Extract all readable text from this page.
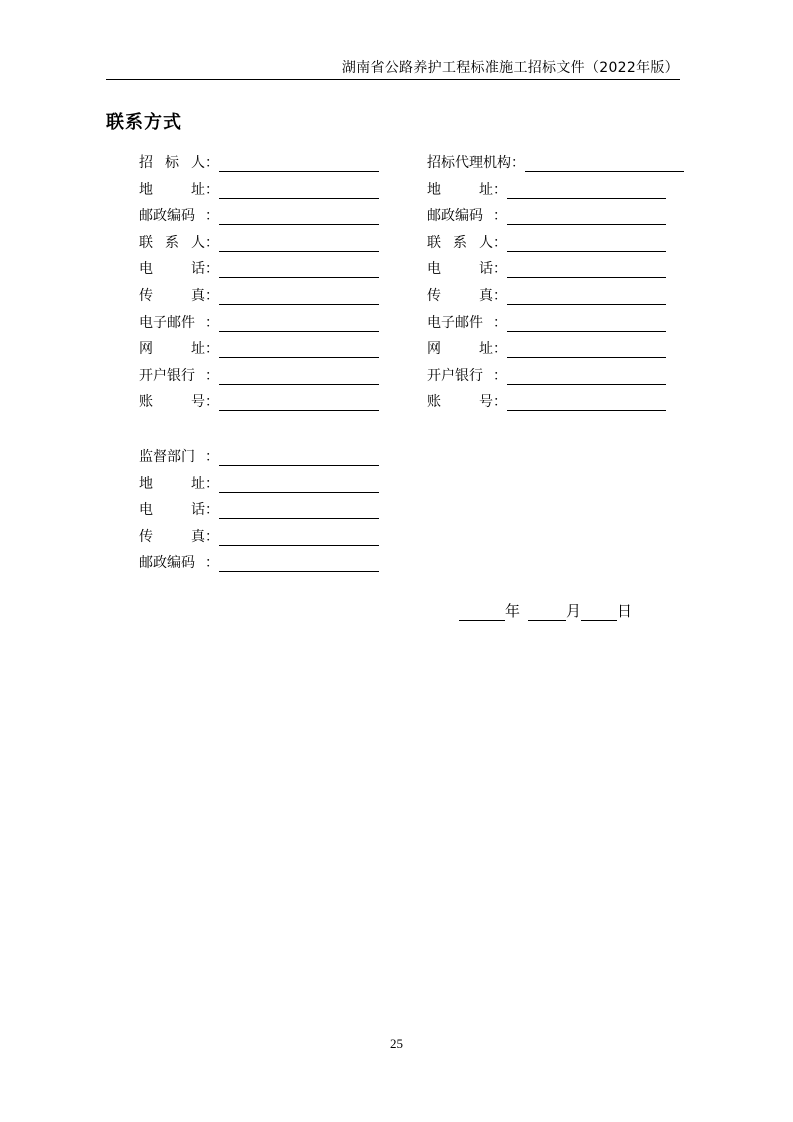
湖南省公路养护工程标准施工招标文件（2022年版）
联系方式
招 标 人 ：
地	址 ：
邮政编码 ：
联 系 人 ：
电	话 ：
传	真 ：
电子邮件 ：
网	址 ：
开户银行 ：
账	号 ：
招标代理机构 ：
地	址 ：
邮政编码 ：
联 系 人 ：
电	话 ：
传	真 ：
电子邮件 ：
网	址 ：
开户银行 ：
账	号 ：
监督部门 ：
地	址 ：
电	话 ：
传	真 ：
邮政编码 ：
年	月 日
25
